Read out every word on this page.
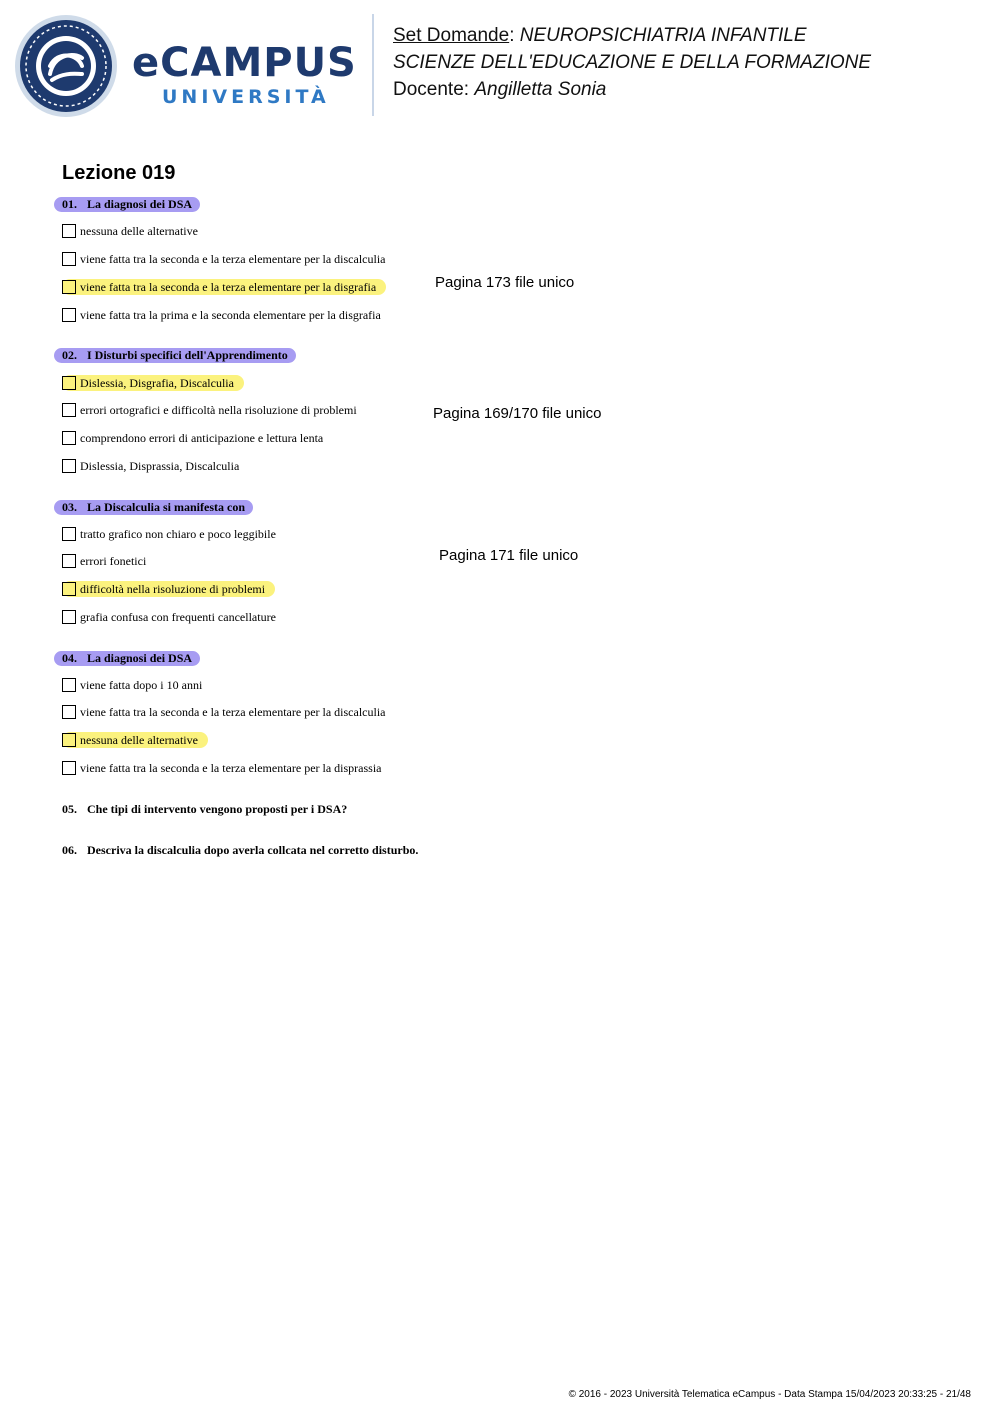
eCAMPUS
UNIVERSITÀ
Set Domande: NEUROPSICHIATRIA INFANTILE
SCIENZE DELL'EDUCAZIONE E DELLA FORMAZIONE
Docente: Angilletta Sonia
Lezione 019
01. La diagnosi dei DSA
nessuna delle alternative
viene fatta tra la seconda e la terza elementare per la discalculia
viene fatta tra la seconda e la terza elementare per la disgrafia
viene fatta tra la prima e la seconda elementare per la disgrafia
Pagina 173 file unico
02. I Disturbi specifici dell'Apprendimento
Dislessia, Disgrafia, Discalculia
errori ortografici e difficoltà nella risoluzione di problemi
comprendono errori di anticipazione e lettura lenta
Dislessia, Disprassia, Discalculia
Pagina 169/170 file unico
03. La Discalculia si manifesta con
tratto grafico non chiaro e poco leggibile
errori fonetici
difficoltà nella risoluzione di problemi
grafia confusa con frequenti cancellature
Pagina 171 file unico
04. La diagnosi dei DSA
viene fatta dopo i 10 anni
viene fatta tra la seconda e la terza elementare per la discalculia
nessuna delle alternative
viene fatta tra la seconda e la terza elementare per la disprassia
05. Che tipi di intervento vengono proposti per i DSA?
06. Descriva la discalculia dopo averla collcata nel corretto disturbo.
© 2016 - 2023 Università Telematica eCampus - Data Stampa 15/04/2023 20:33:25 - 21/48
